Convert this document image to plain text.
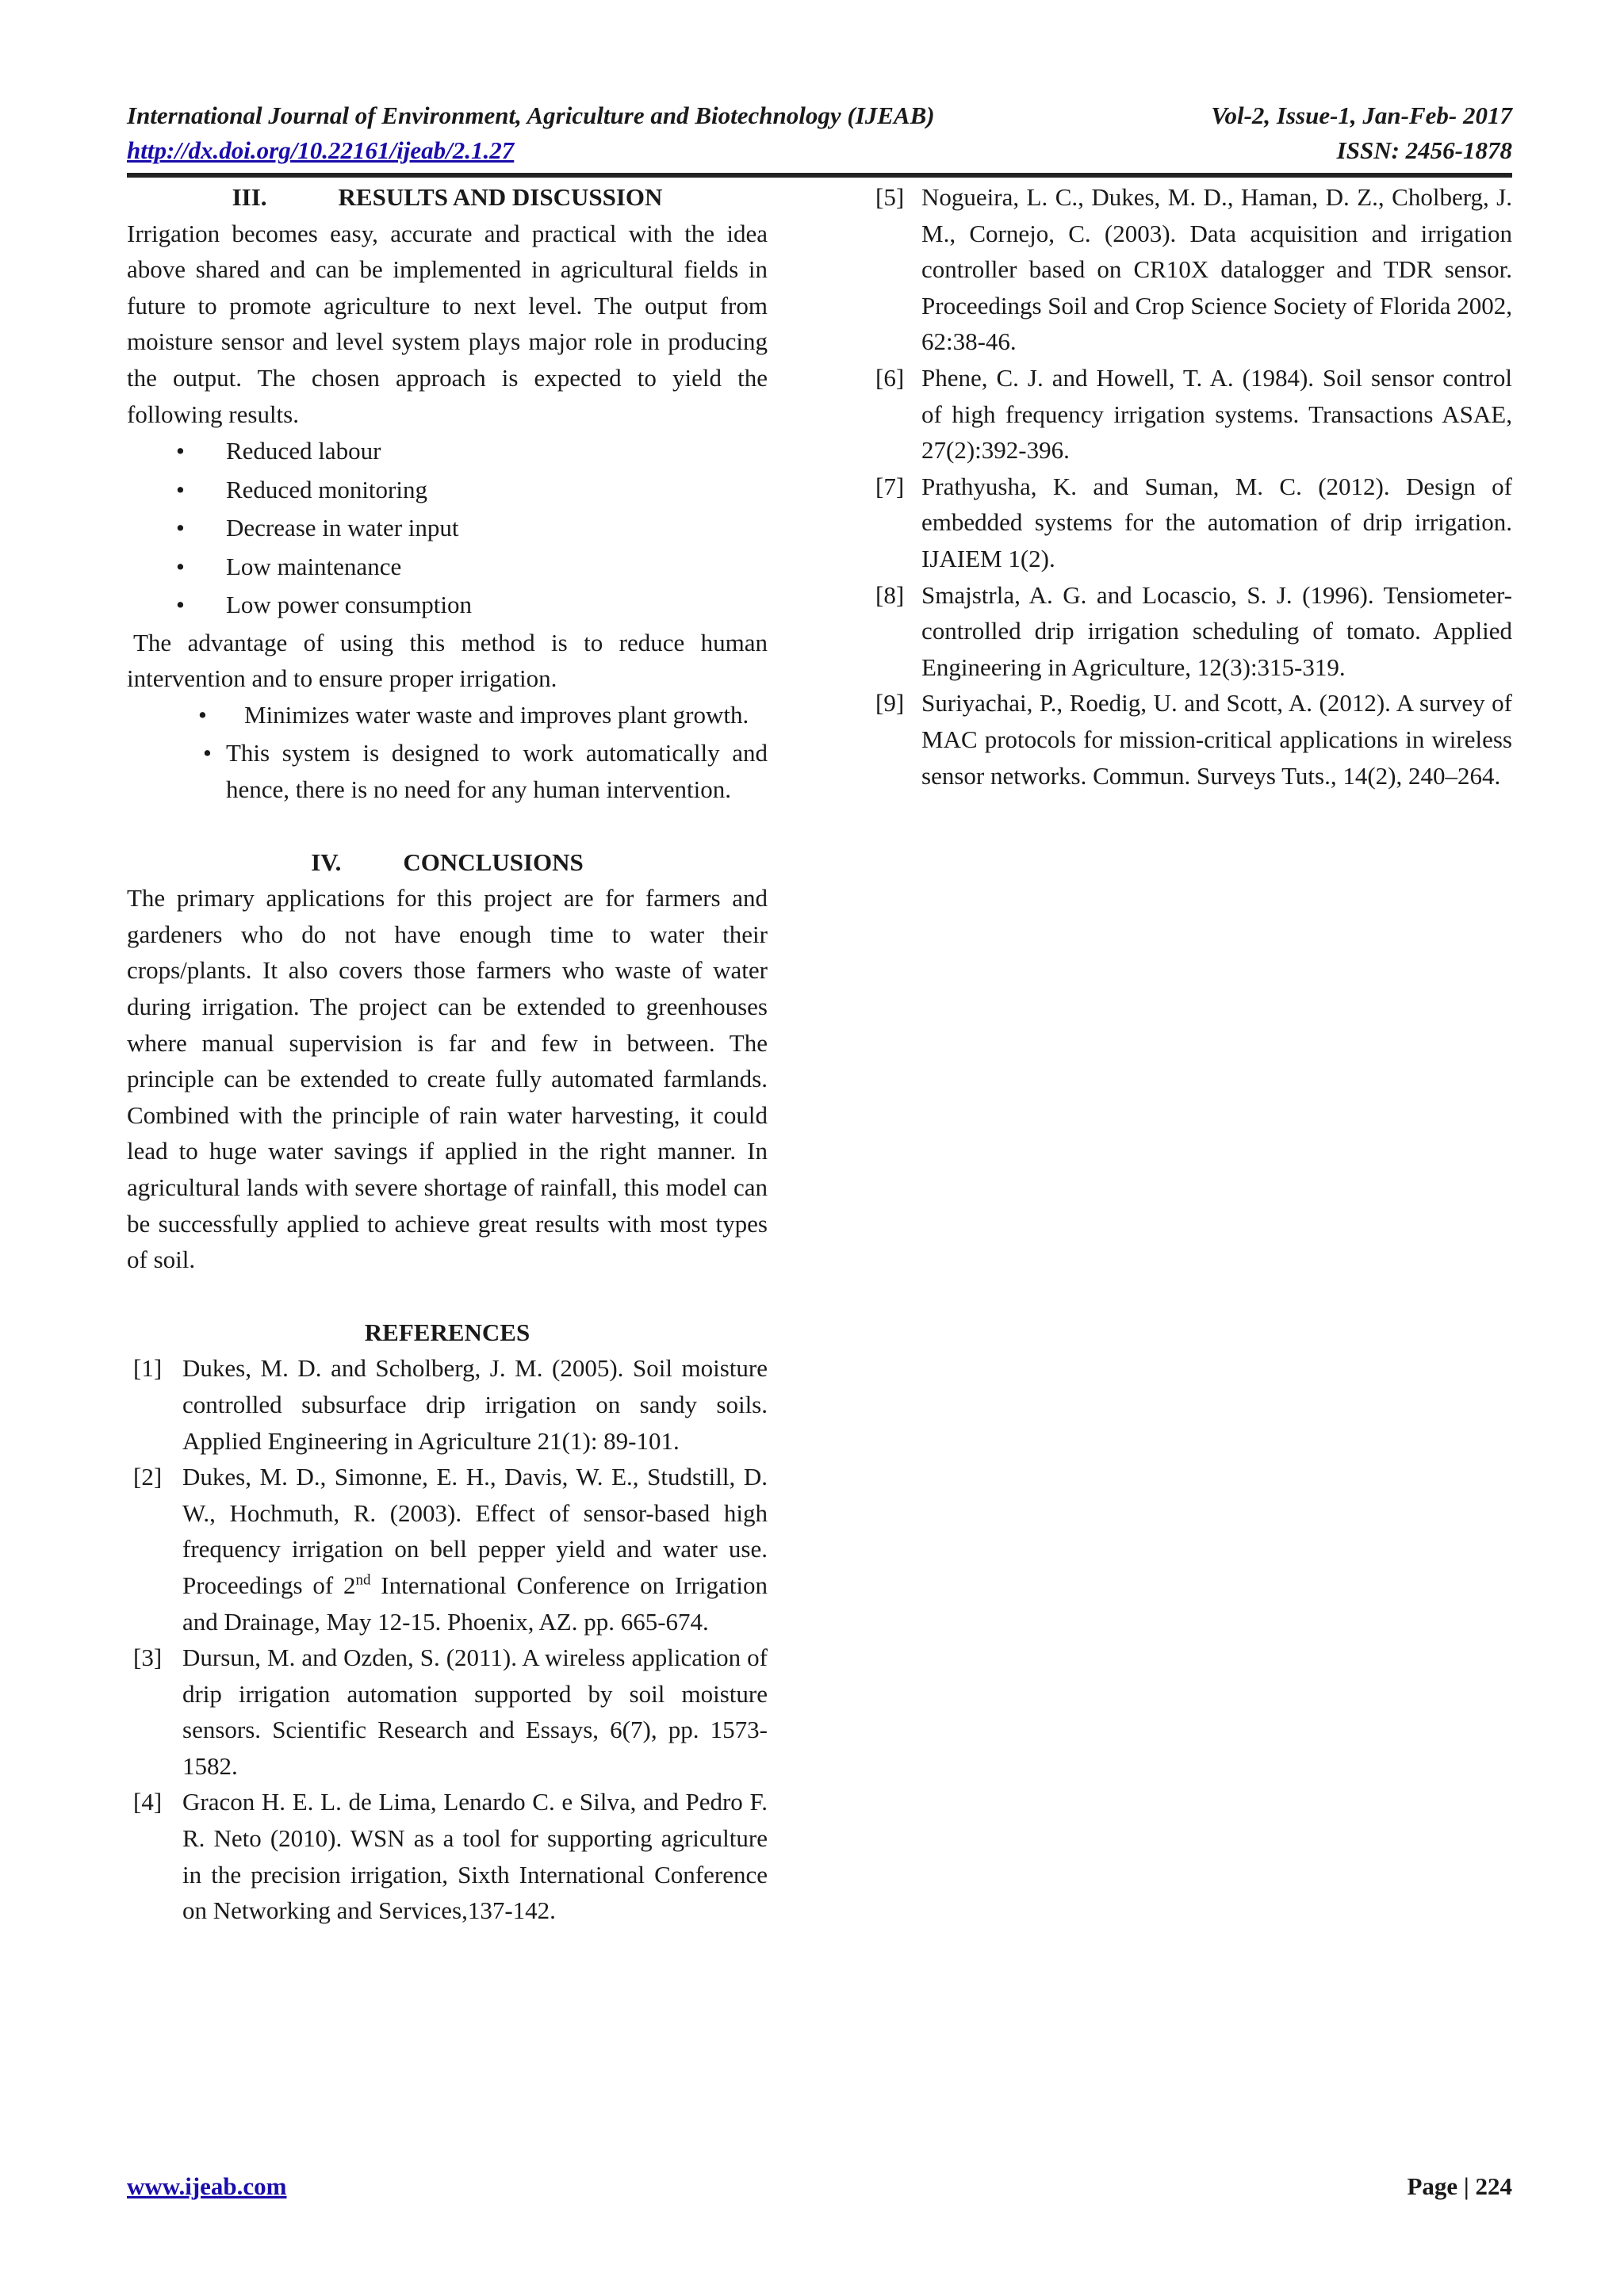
International Journal of Environment, Agriculture and Biotechnology (IJEAB)	Vol-2, Issue-1, Jan-Feb- 2017
http://dx.doi.org/10.22161/ijeab/2.1.27	ISSN: 2456-1878
III.	RESULTS AND DISCUSSION

Irrigation becomes easy, accurate and practical with the idea above shared and can be implemented in agricultural fields in future to promote agriculture to next level. The output from moisture sensor and level system plays major role in producing the output. The chosen approach is expected to yield the following results.

• Reduced labour
• Reduced monitoring
• Decrease in water input
• Low maintenance
• Low power consumption

The advantage of using this method is to reduce human intervention and to ensure proper irrigation.

• Minimizes water waste and improves plant growth.
• This system is designed to work automatically and hence, there is no need for any human intervention.
IV.	CONCLUSIONS

The primary applications for this project are for farmers and gardeners who do not have enough time to water their crops/plants. It also covers those farmers who waste of water during irrigation. The project can be extended to greenhouses where manual supervision is far and few in between. The principle can be extended to create fully automated farmlands. Combined with the principle of rain water harvesting, it could lead to huge water savings if applied in the right manner. In agricultural lands with severe shortage of rainfall, this model can be successfully applied to achieve great results with most types of soil.

REFERENCES
[1] Dukes, M. D. and Scholberg, J. M. (2005). Soil moisture controlled subsurface drip irrigation on sandy soils. Applied Engineering in Agriculture 21(1): 89-101.
[2] Dukes, M. D., Simonne, E. H., Davis, W. E., Studstill, D. W., Hochmuth, R. (2003). Effect of sensor-based high frequency irrigation on bell pepper yield and water use. Proceedings of 2nd International Conference on Irrigation and Drainage, May 12-15. Phoenix, AZ. pp. 665-674.
[3] Dursun, M. and Ozden, S. (2011). A wireless application of drip irrigation automation supported by soil moisture sensors. Scientific Research and Essays, 6(7), pp. 1573-1582.
[4] Gracon H. E. L. de Lima, Lenardo C. e Silva, and Pedro F. R. Neto (2010). WSN as a tool for supporting agriculture in the precision irrigation, Sixth International Conference on Networking and Services,137-142.
[5] Nogueira, L. C., Dukes, M. D., Haman, D. Z., Cholberg, J. M., Cornejo, C. (2003). Data acquisition and irrigation controller based on CR10X datalogger and TDR sensor. Proceedings Soil and Crop Science Society of Florida 2002, 62:38-46.
[6] Phene, C. J. and Howell, T. A. (1984). Soil sensor control of high frequency irrigation systems. Transactions ASAE, 27(2):392-396.
[7] Prathyusha, K. and Suman, M. C. (2012). Design of embedded systems for the automation of drip irrigation. IJAIEM 1(2).
[8] Smajstrla, A. G. and Locascio, S. J. (1996). Tensiometer-controlled drip irrigation scheduling of tomato. Applied Engineering in Agriculture, 12(3):315-319.
[9] Suriyachai, P., Roedig, U. and Scott, A. (2012). A survey of MAC protocols for mission-critical applications in wireless sensor networks. Commun. Surveys Tuts., 14(2), 240–264.
www.ijeab.com	Page | 224
